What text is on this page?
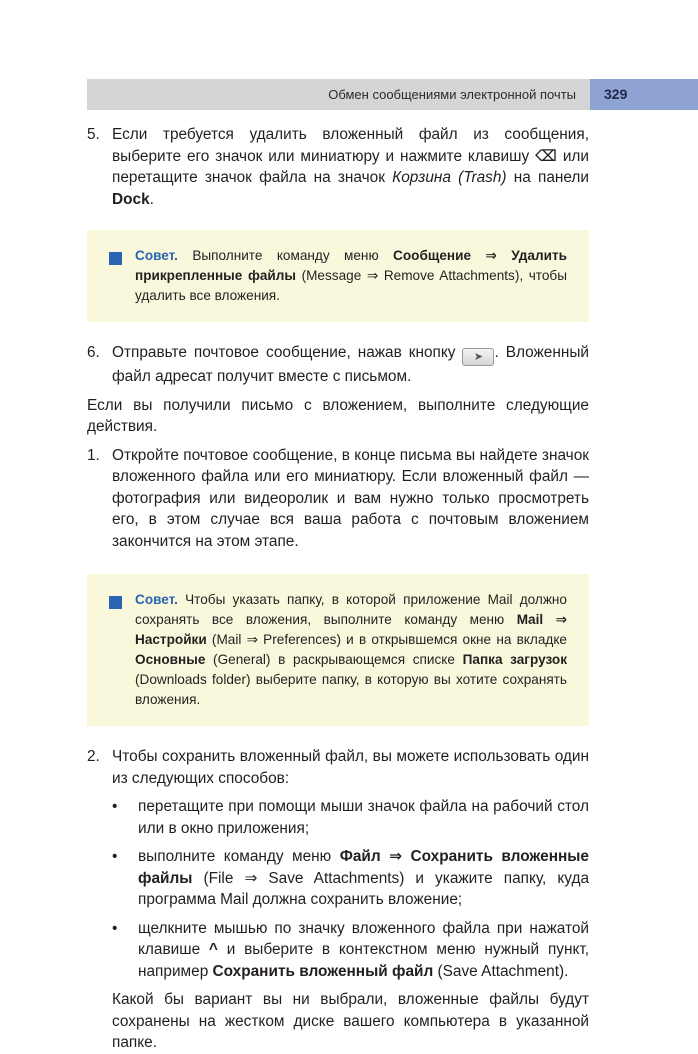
Обмен сообщениями электронной почты	329
5. Если требуется удалить вложенный файл из сообщения, выберите его значок или миниатюру и нажмите клавишу ⌫ или перетащите значок файла на значок Корзина (Trash) на панели Dock.
Совет. Выполните команду меню Сообщение ⇒ Удалить прикрепленные файлы (Message ⇒ Remove Attachments), чтобы удалить все вложения.
6. Отправьте почтовое сообщение, нажав кнопку ➤ . Вложенный файл адресат получит вместе с письмом.
Если вы получили письмо с вложением, выполните следующие действия.
1. Откройте почтовое сообщение, в конце письма вы найдете значок вложенного файла или его миниатюру. Если вложенный файл — фотография или видеоролик и вам нужно только просмотреть его, в этом случае вся ваша работа с почтовым вложением закончится на этом этапе.
Совет. Чтобы указать папку, в которой приложение Mail должно сохранять все вложения, выполните команду меню Mail ⇒ Настройки (Mail ⇒ Preferences) и в открывшемся окне на вкладке Основные (General) в раскрывающемся списке Папка загрузок (Downloads folder) выберите папку, в которую вы хотите сохранять вложения.
2. Чтобы сохранить вложенный файл, вы можете использовать один из следующих способов:
• перетащите при помощи мыши значок файла на рабочий стол или в окно приложения;
• выполните команду меню Файл ⇒ Сохранить вложенные файлы (File ⇒ Save Attachments) и укажите папку, куда программа Mail должна сохранить вложение;
• щелкните мышью по значку вложенного файла при нажатой клавише ^ и выберите в контекстном меню нужный пункт, например Сохранить вложенный файл (Save Attachment).
Какой бы вариант вы ни выбрали, вложенные файлы будут сохранены на жестком диске вашего компьютера в указанной папке.
